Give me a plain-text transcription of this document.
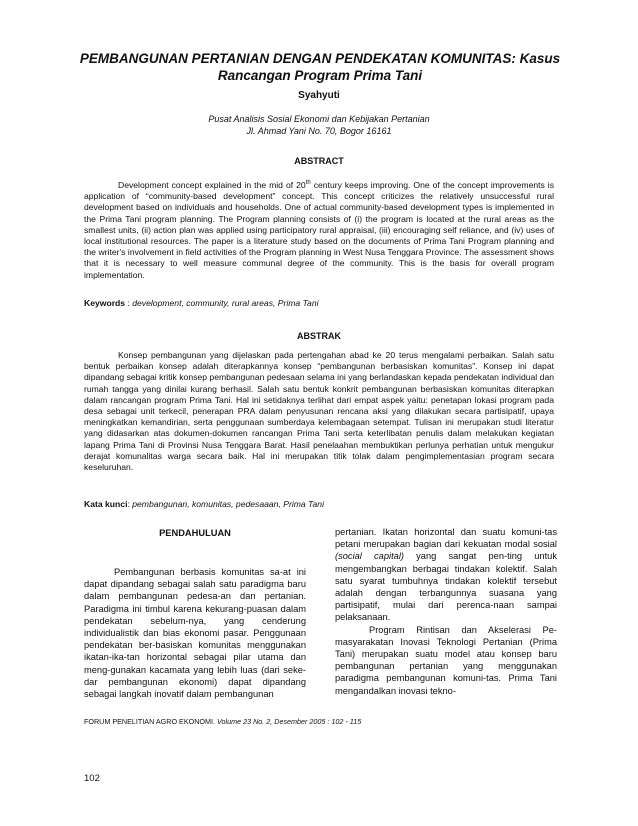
PEMBANGUNAN PERTANIAN DENGAN PENDEKATAN KOMUNITAS: Kasus
Rancangan Program Prima Tani

Syahyuti

Pusat Analisis Sosial Ekonomi dan Kebijakan Pertanian
Jl. Ahmad Yani No. 70, Bogor 16161

ABSTRACT

Development concept explained in the mid of 20th century keeps improving. One of the concept improvements is application of “community-based development” concept. This concept criticizes the relatively unsuccessful rural development based on individuals and households. One of actual community-based development types is implemented in the Prima Tani program planning. The Program planning consists of (i) the program is located at the rural areas as the smallest units, (ii) action plan was applied using participatory rural appraisal, (iii) encouraging self reliance, and (iv) uses of local institutional resources. The paper is a literature study based on the documents of Prima Tani Program planning and the writer's involvement in field activities of the Program planning in West Nusa Tenggara Province. The assessment shows that it is necessary to well measure communal degree of the community. This is the basis for overall program implementation.

Keywords : development, community, rural areas, Prima Tani

ABSTRAK

Konsep pembangunan yang dijelaskan pada pertengahan abad ke 20 terus mengalami perbaikan. Salah satu bentuk perbaikan konsep adalah diterapkannya konsep “pembangunan berbasiskan komunitas”. Konsep ini dapat dipandang sebagai kritik konsep pembangunan pedesaan selama ini yang berlandaskan kepada pendekatan individual dan rumah tangga yang dinilai kurang berhasil. Salah satu bentuk konkrit pembangunan berbasiskan komunitas diterapkan dalam rancangan program Prima Tani. Hal ini setidaknya terlihat dari empat aspek yaitu: penetapan lokasi program pada desa sebagai unit terkecil, penerapan PRA dalam penyusunan rencana aksi yang dilakukan secara partisipatif, upaya meningkatkan kemandirian, serta penggunaan sumberdaya kelembagaan setempat. Tulisan ini merupakan studi literatur yang didasarkan atas dokumen-dokumen rancangan Prima Tani serta keterlibatan penulis dalam melakukan kegiatan lapang Prima Tani di Provinsi Nusa Tenggara Barat. Hasil penelaahan membuktikan perlunya perhatian untuk mengukur derajat komunalitas warga secara baik. Hal ini merupakan titik tolak dalam pengimplementasian program secara keseluruhan.

Kata kunci: pembangunan, komunitas, pedesaaan, Prima Tani

PENDAHULUAN

Pembangunan berbasis komunitas sa-at ini dapat dipandang sebagai salah satu paradigma baru dalam pembangunan pedesa-an dan pertanian. Paradigma ini timbul karena kekurang-puasan dalam pendekatan sebelum-nya, yang cenderung individualistik dan bias ekonomi pasar. Penggunaan pendekatan ber-basiskan komunitas menggunakan ikatan-ika-tan horizontal sebagai pilar utama dan meng-gunakan kacamata yang lebih luas (dari seke-dar pembangunan ekonomi) dapat dipandang sebagai langkah inovatif dalam pembangunan

pertanian. Ikatan horizontal dan suatu komuni-tas petani merupakan bagian dari kekuatan modal sosial (social capital) yang sangat pen-ting untuk mengembangkan berbagai tindakan kolektif. Salah satu syarat tumbuhnya tindakan kolektif tersebut adalah dengan terbangunnya suasana yang partisipatif, mulai dari perenca-naan sampai pelaksanaan.

Program Rintisan dan Akselerasi Pe-masyarakatan Inovasi Teknologi Pertanian (Prima Tani) merupakan suatu model atau konsep baru pembangunan pertanian yang menggunakan paradigma pembangunan komuni-tas. Prima Tani mengandalkan inovasi tekno-

FORUM PENELITIAN AGRO EKONOMI. Volume 23 No. 2, Desember 2005 : 102 - 115

102
